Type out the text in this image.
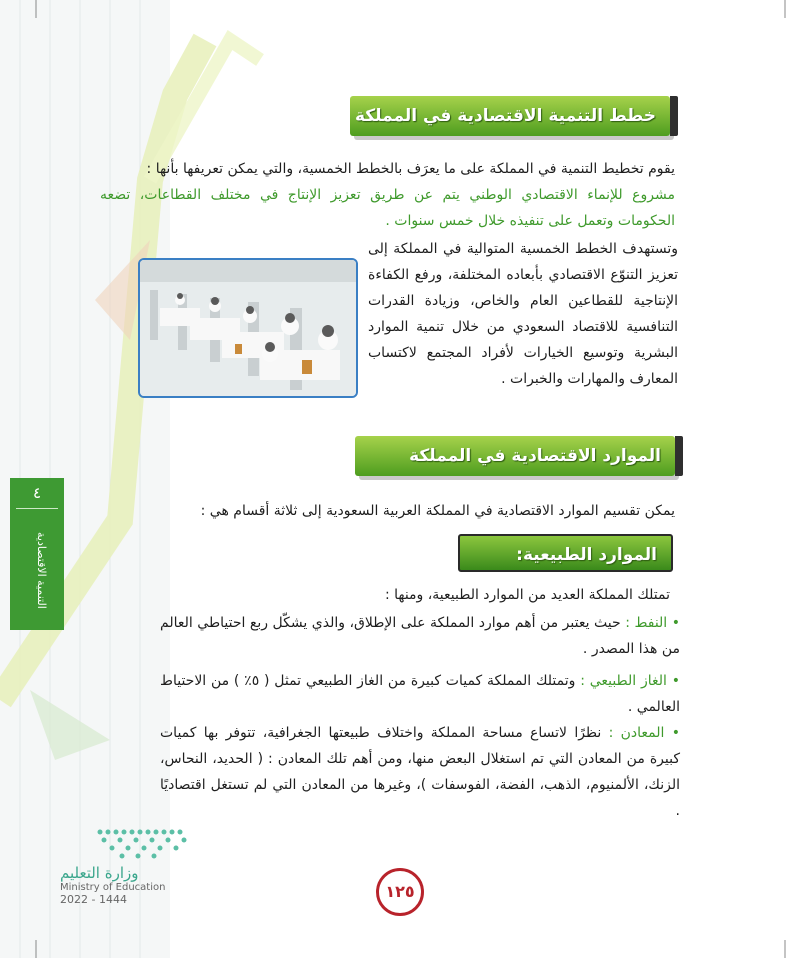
خطط التنمية الاقتصادية في المملكة
يقوم تخطيط التنمية في المملكة على ما يعرَف بالخطط الخمسية، والتي يمكن تعريفها بأنها :
مشروع للإنماء الاقتصادي الوطني يتم عن طريق تعزيز الإنتاج في مختلف القطاعات، تضعه الحكومات وتعمل على تنفيذه خلال خمس سنوات .
وتستهدف الخطط الخمسية المتوالية في المملكة إلى تعزيز التنوّع الاقتصادي بأبعاده المختلفة، ورفع الكفاءة الإنتاجية للقطاعين العام والخاص، وزيادة القدرات التنافسية للاقتصاد السعودي من خلال تنمية الموارد البشرية وتوسيع الخيارات لأفراد المجتمع لاكتساب المعارف والمهارات والخبرات .
الموارد الاقتصادية في المملكة
يمكن تقسيم الموارد الاقتصادية في المملكة العربية السعودية إلى ثلاثة أقسام هي :
الموارد الطبيعية:
تمتلك المملكة العديد من الموارد الطبيعية، ومنها :
• النفط : حيث يعتبر من أهم موارد المملكة على الإطلاق، والذي يشكّل ربع احتياطي العالم من هذا المصدر .
• الغاز الطبيعي : وتمتلك المملكة كميات كبيرة من الغاز الطبيعي تمثل ( ٥٪ ) من الاحتياط العالمي .
• المعادن : نظرًا لاتساع مساحة المملكة واختلاف طبيعتها الجغرافية، تتوفر بها كميات كبيرة من المعادن التي تم استغلال البعض منها، ومن أهم تلك المعادن : ( الحديد، النحاس، الزنك، الألمنيوم، الذهب، الفضة، الفوسفات )، وغيرها من المعادن التي لم تستغل اقتصاديًا .
٤
التنمية الاقتصادية
وزارة التعليم
Ministry of Education
2022 - 1444	١٢٥
